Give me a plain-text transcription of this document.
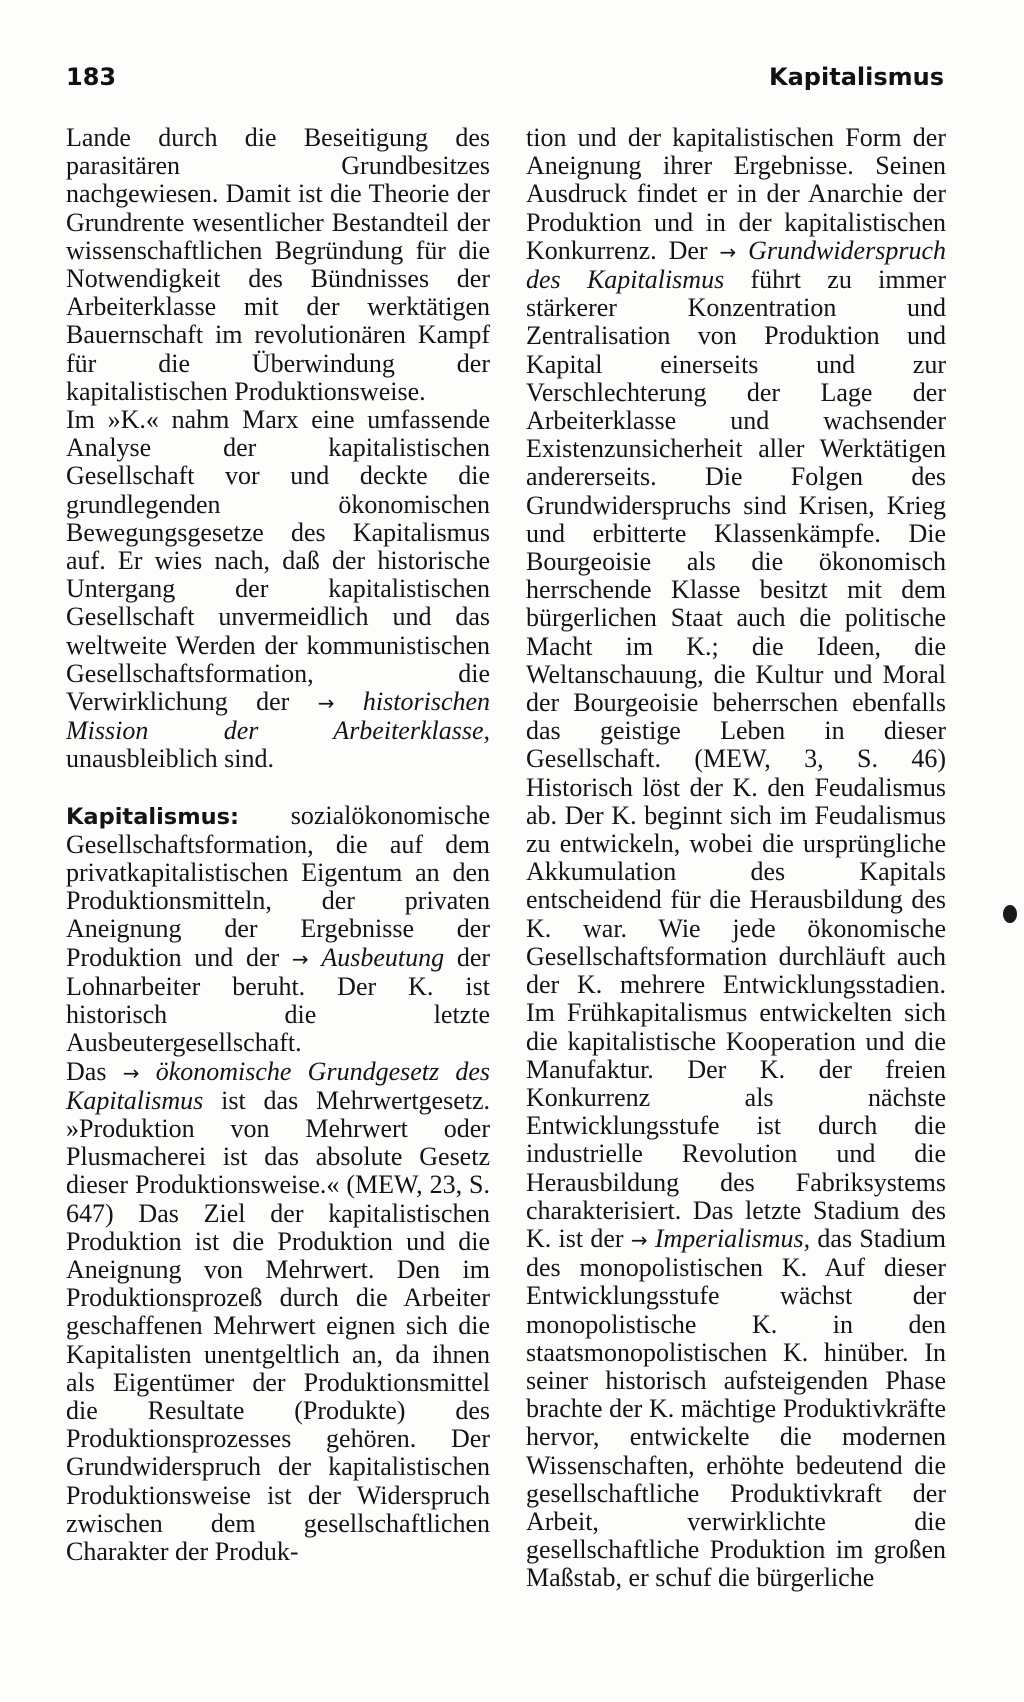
183	Kapitalismus

Lande durch die Beseitigung des parasitären Grundbesitzes nachgewiesen. Damit ist die Theorie der Grundrente wesentlicher Bestandteil der wissenschaftlichen Begründung für die Notwendigkeit des Bündnisses der Arbeiterklasse mit der werktätigen Bauernschaft im revolutionären Kampf für die Überwindung der kapitalistischen Produktionsweise.

Im »K.« nahm Marx eine umfassende Analyse der kapitalistischen Gesellschaft vor und deckte die grundlegenden ökonomischen Bewegungsgesetze des Kapitalismus auf. Er wies nach, daß der historische Untergang der kapitalistischen Gesellschaft unvermeidlich und das weltweite Werden der kommunistischen Gesellschaftsformation, die Verwirklichung der → historischen Mission der Arbeiterklasse, unausbleiblich sind.

Kapitalismus: sozialökonomische Gesellschaftsformation, die auf dem privatkapitalistischen Eigentum an den Produktionsmitteln, der privaten Aneignung der Ergebnisse der Produktion und der → Ausbeutung der Lohnarbeiter beruht. Der K. ist historisch die letzte Ausbeutergesellschaft.

Das → ökonomische Grundgesetz des Kapitalismus ist das Mehrwertgesetz. »Produktion von Mehrwert oder Plusmacherei ist das absolute Gesetz dieser Produktionsweise.« (MEW, 23, S. 647) Das Ziel der kapitalistischen Produktion ist die Produktion und die Aneignung von Mehrwert. Den im Produktionsprozeß durch die Arbeiter geschaffenen Mehrwert eignen sich die Kapitalisten unentgeltlich an, da ihnen als Eigentümer der Produktionsmittel die Resultate (Produkte) des Produktionsprozesses gehören. Der Grundwiderspruch der kapitalistischen Produktionsweise ist der Widerspruch zwischen dem gesellschaftlichen Charakter der Produk-

tion und der kapitalistischen Form der Aneignung ihrer Ergebnisse. Seinen Ausdruck findet er in der Anarchie der Produktion und in der kapitalistischen Konkurrenz. Der → Grundwiderspruch des Kapitalismus führt zu immer stärkerer Konzentration und Zentralisation von Produktion und Kapital einerseits und zur Verschlechterung der Lage der Arbeiterklasse und wachsender Existenzunsicherheit aller Werktätigen andererseits. Die Folgen des Grundwiderspruchs sind Krisen, Krieg und erbitterte Klassenkämpfe. Die Bourgeoisie als die ökonomisch herrschende Klasse besitzt mit dem bürgerlichen Staat auch die politische Macht im K.; die Ideen, die Weltanschauung, die Kultur und Moral der Bourgeoisie beherrschen ebenfalls das geistige Leben in dieser Gesellschaft. (MEW, 3, S. 46) Historisch löst der K. den Feudalismus ab. Der K. beginnt sich im Feudalismus zu entwickeln, wobei die ursprüngliche Akkumulation des Kapitals entscheidend für die Herausbildung des K. war. Wie jede ökonomische Gesellschaftsformation durchläuft auch der K. mehrere Entwicklungsstadien. Im Frühkapitalismus entwickelten sich die kapitalistische Kooperation und die Manufaktur. Der K. der freien Konkurrenz als nächste Entwicklungsstufe ist durch die industrielle Revolution und die Herausbildung des Fabriksystems charakterisiert. Das letzte Stadium des K. ist der → Imperialismus, das Stadium des monopolistischen K. Auf dieser Entwicklungsstufe wächst der monopolistische K. in den staatsmonopolistischen K. hinüber. In seiner historisch aufsteigenden Phase brachte der K. mächtige Produktivkräfte hervor, entwickelte die modernen Wissenschaften, erhöhte bedeutend die gesellschaftliche Produktivkraft der Arbeit, verwirklichte die gesellschaftliche Produktion im großen Maßstab, er schuf die bürgerliche
